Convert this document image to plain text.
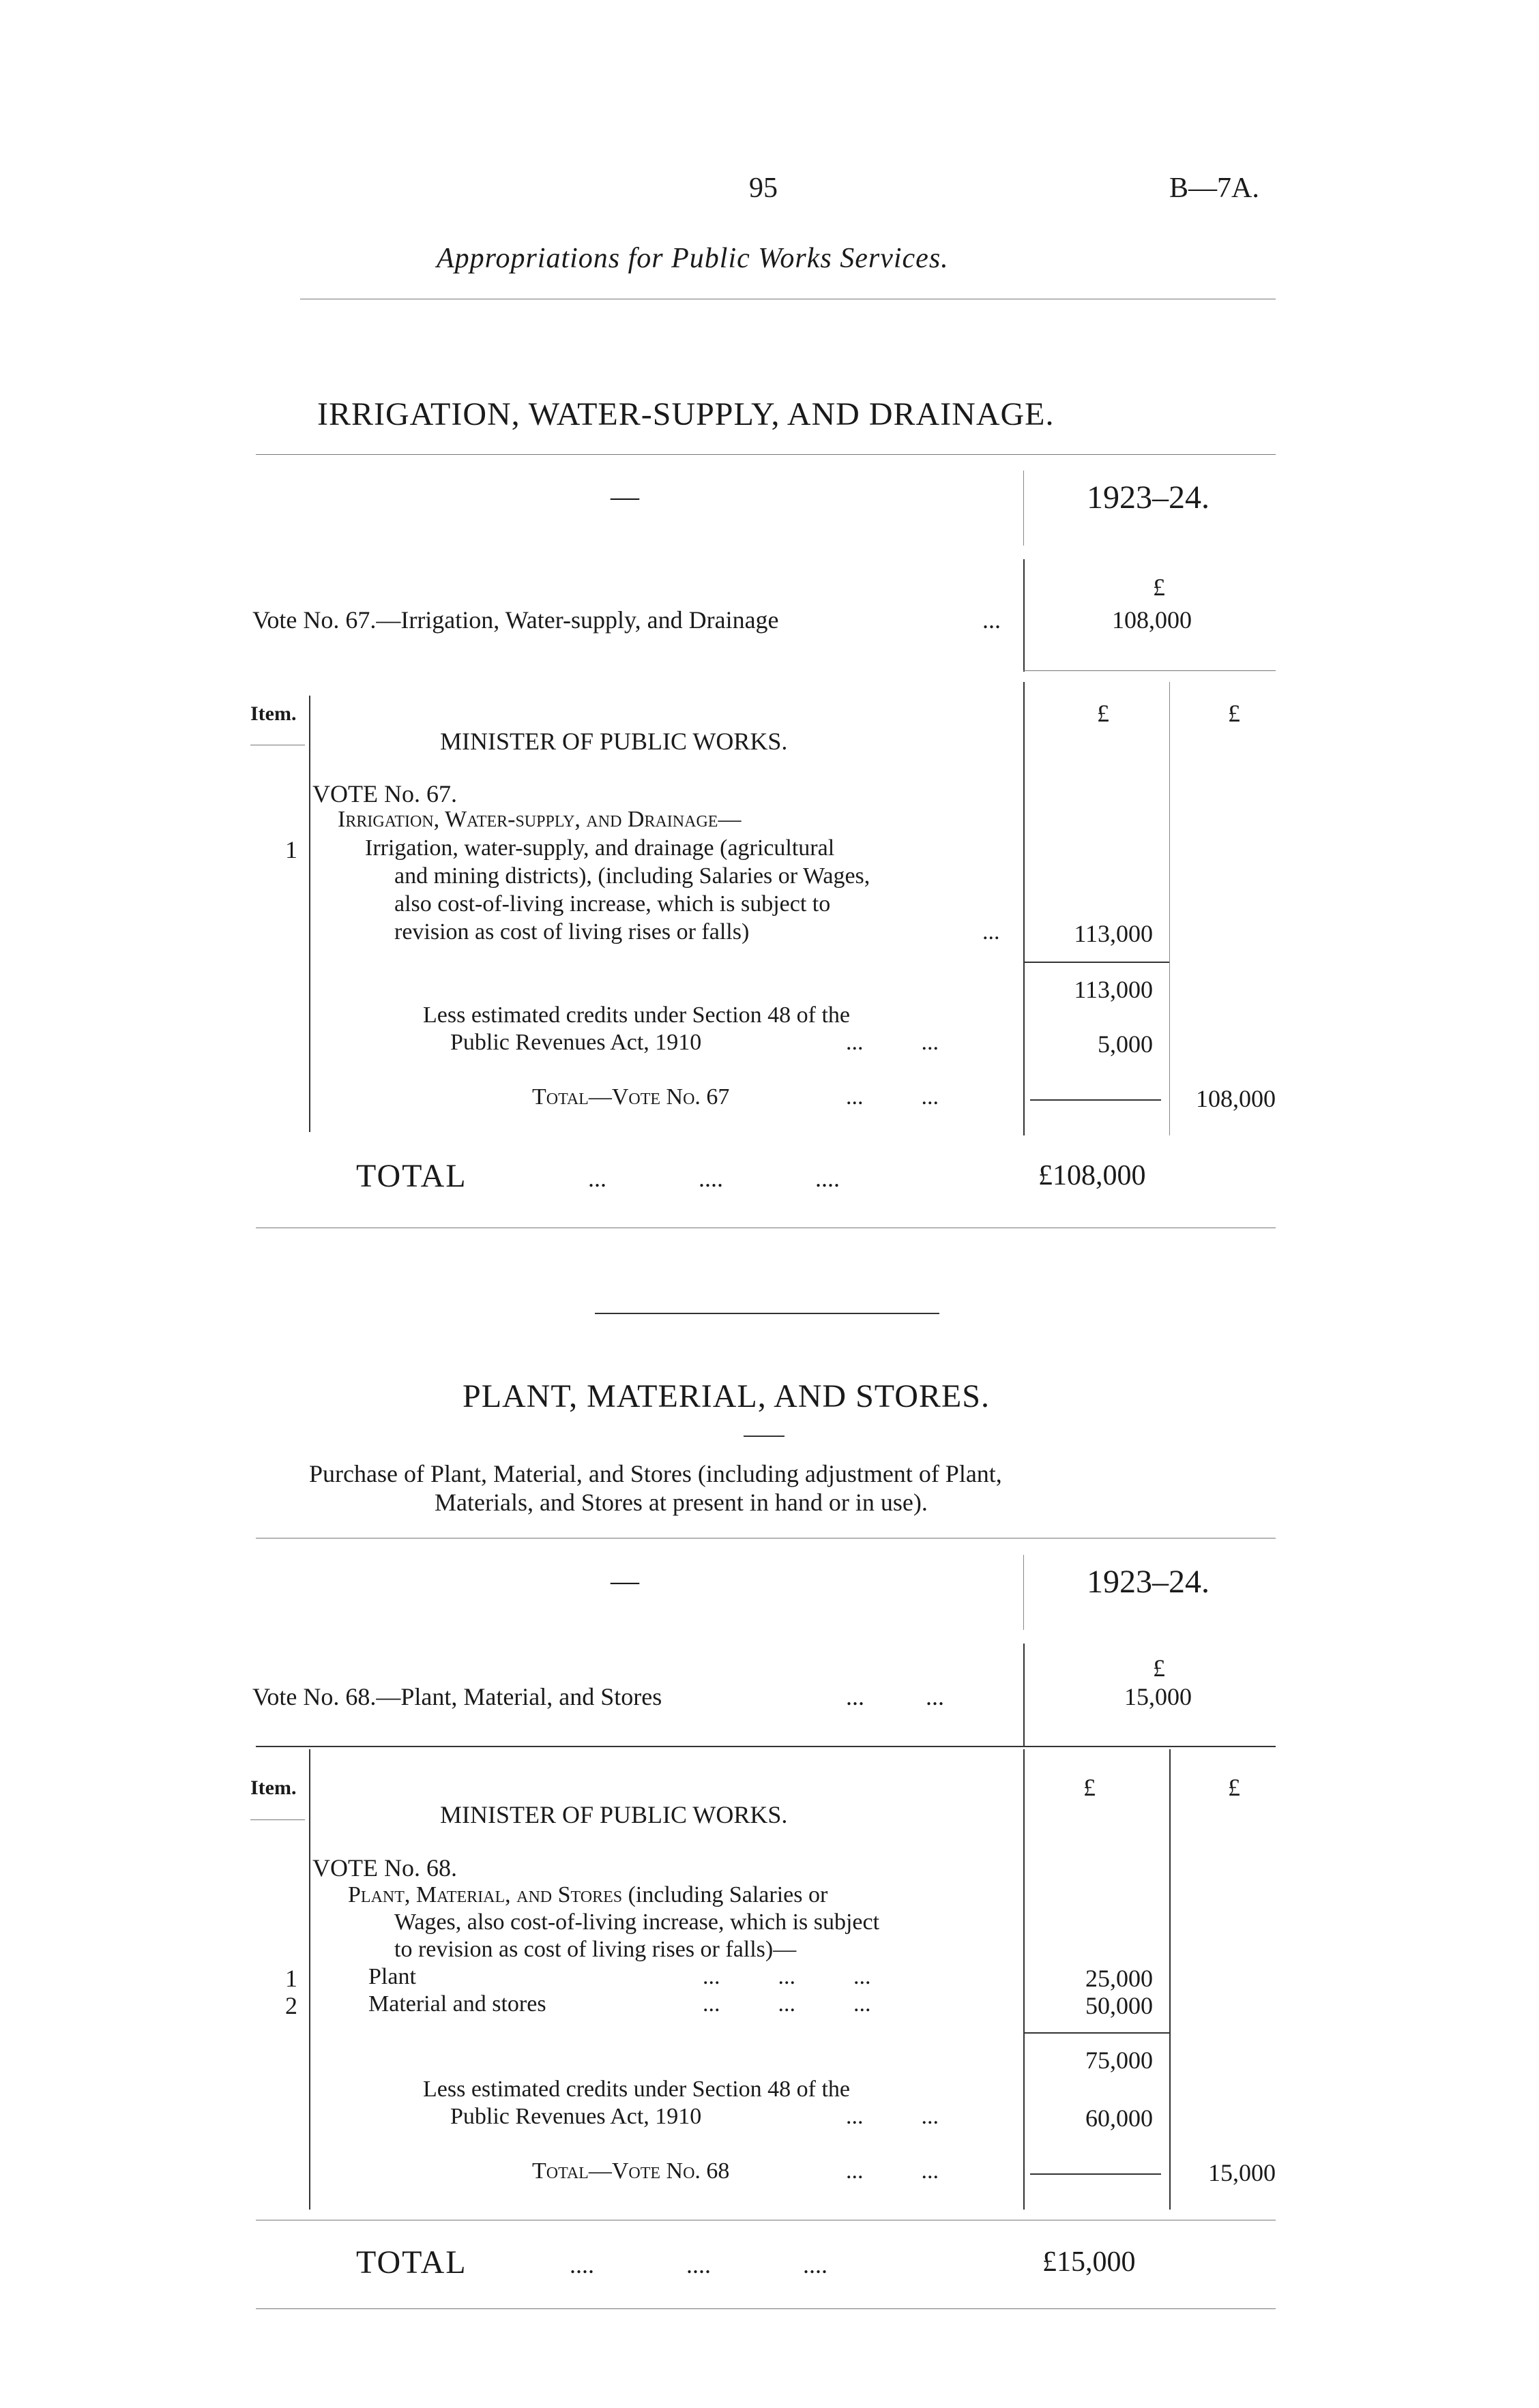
95	B—7A.
Appropriations for Public Works Services.
IRRIGATION, WATER-SUPPLY, AND DRAINAGE.
—	1923–24.
£
Vote No. 67.—Irrigation, Water-supply, and Drainage	...	108,000
Item.	£	£
MINISTER OF PUBLIC WORKS.
VOTE No. 67.
Irrigation, Water-supply, and Drainage—
1	Irrigation, water-supply, and drainage (agricultural
and mining districts), (including Salaries or Wages,
also cost-of-living increase, which is subject to
revision as cost of living rises or falls)	...	113,000
113,000
Less estimated credits under Section 48 of the
Public Revenues Act, 1910	...          ...	5,000
Total—Vote No. 67	...          ...	108,000
TOTAL	...               ....               ....	£108,000
PLANT, MATERIAL, AND STORES.
Purchase of Plant, Material, and Stores (including adjustment of Plant,
Materials, and Stores at present in hand or in use).
—	1923–24.
£
Vote No. 68.—Plant, Material, and Stores	...          ...	15,000
Item.	£	£
MINISTER OF PUBLIC WORKS.
VOTE No. 68.
Plant, Material, and Stores (including Salaries or
Wages, also cost-of-living increase, which is subject
to revision as cost of living rises or falls)—
1	Plant	...          ...          ...	25,000
2	Material and stores	...          ...          ...	50,000
75,000
Less estimated credits under Section 48 of the
Public Revenues Act, 1910	...          ...	60,000
Total—Vote No. 68	...          ...	15,000
TOTAL	....               ....               ....	£15,000
